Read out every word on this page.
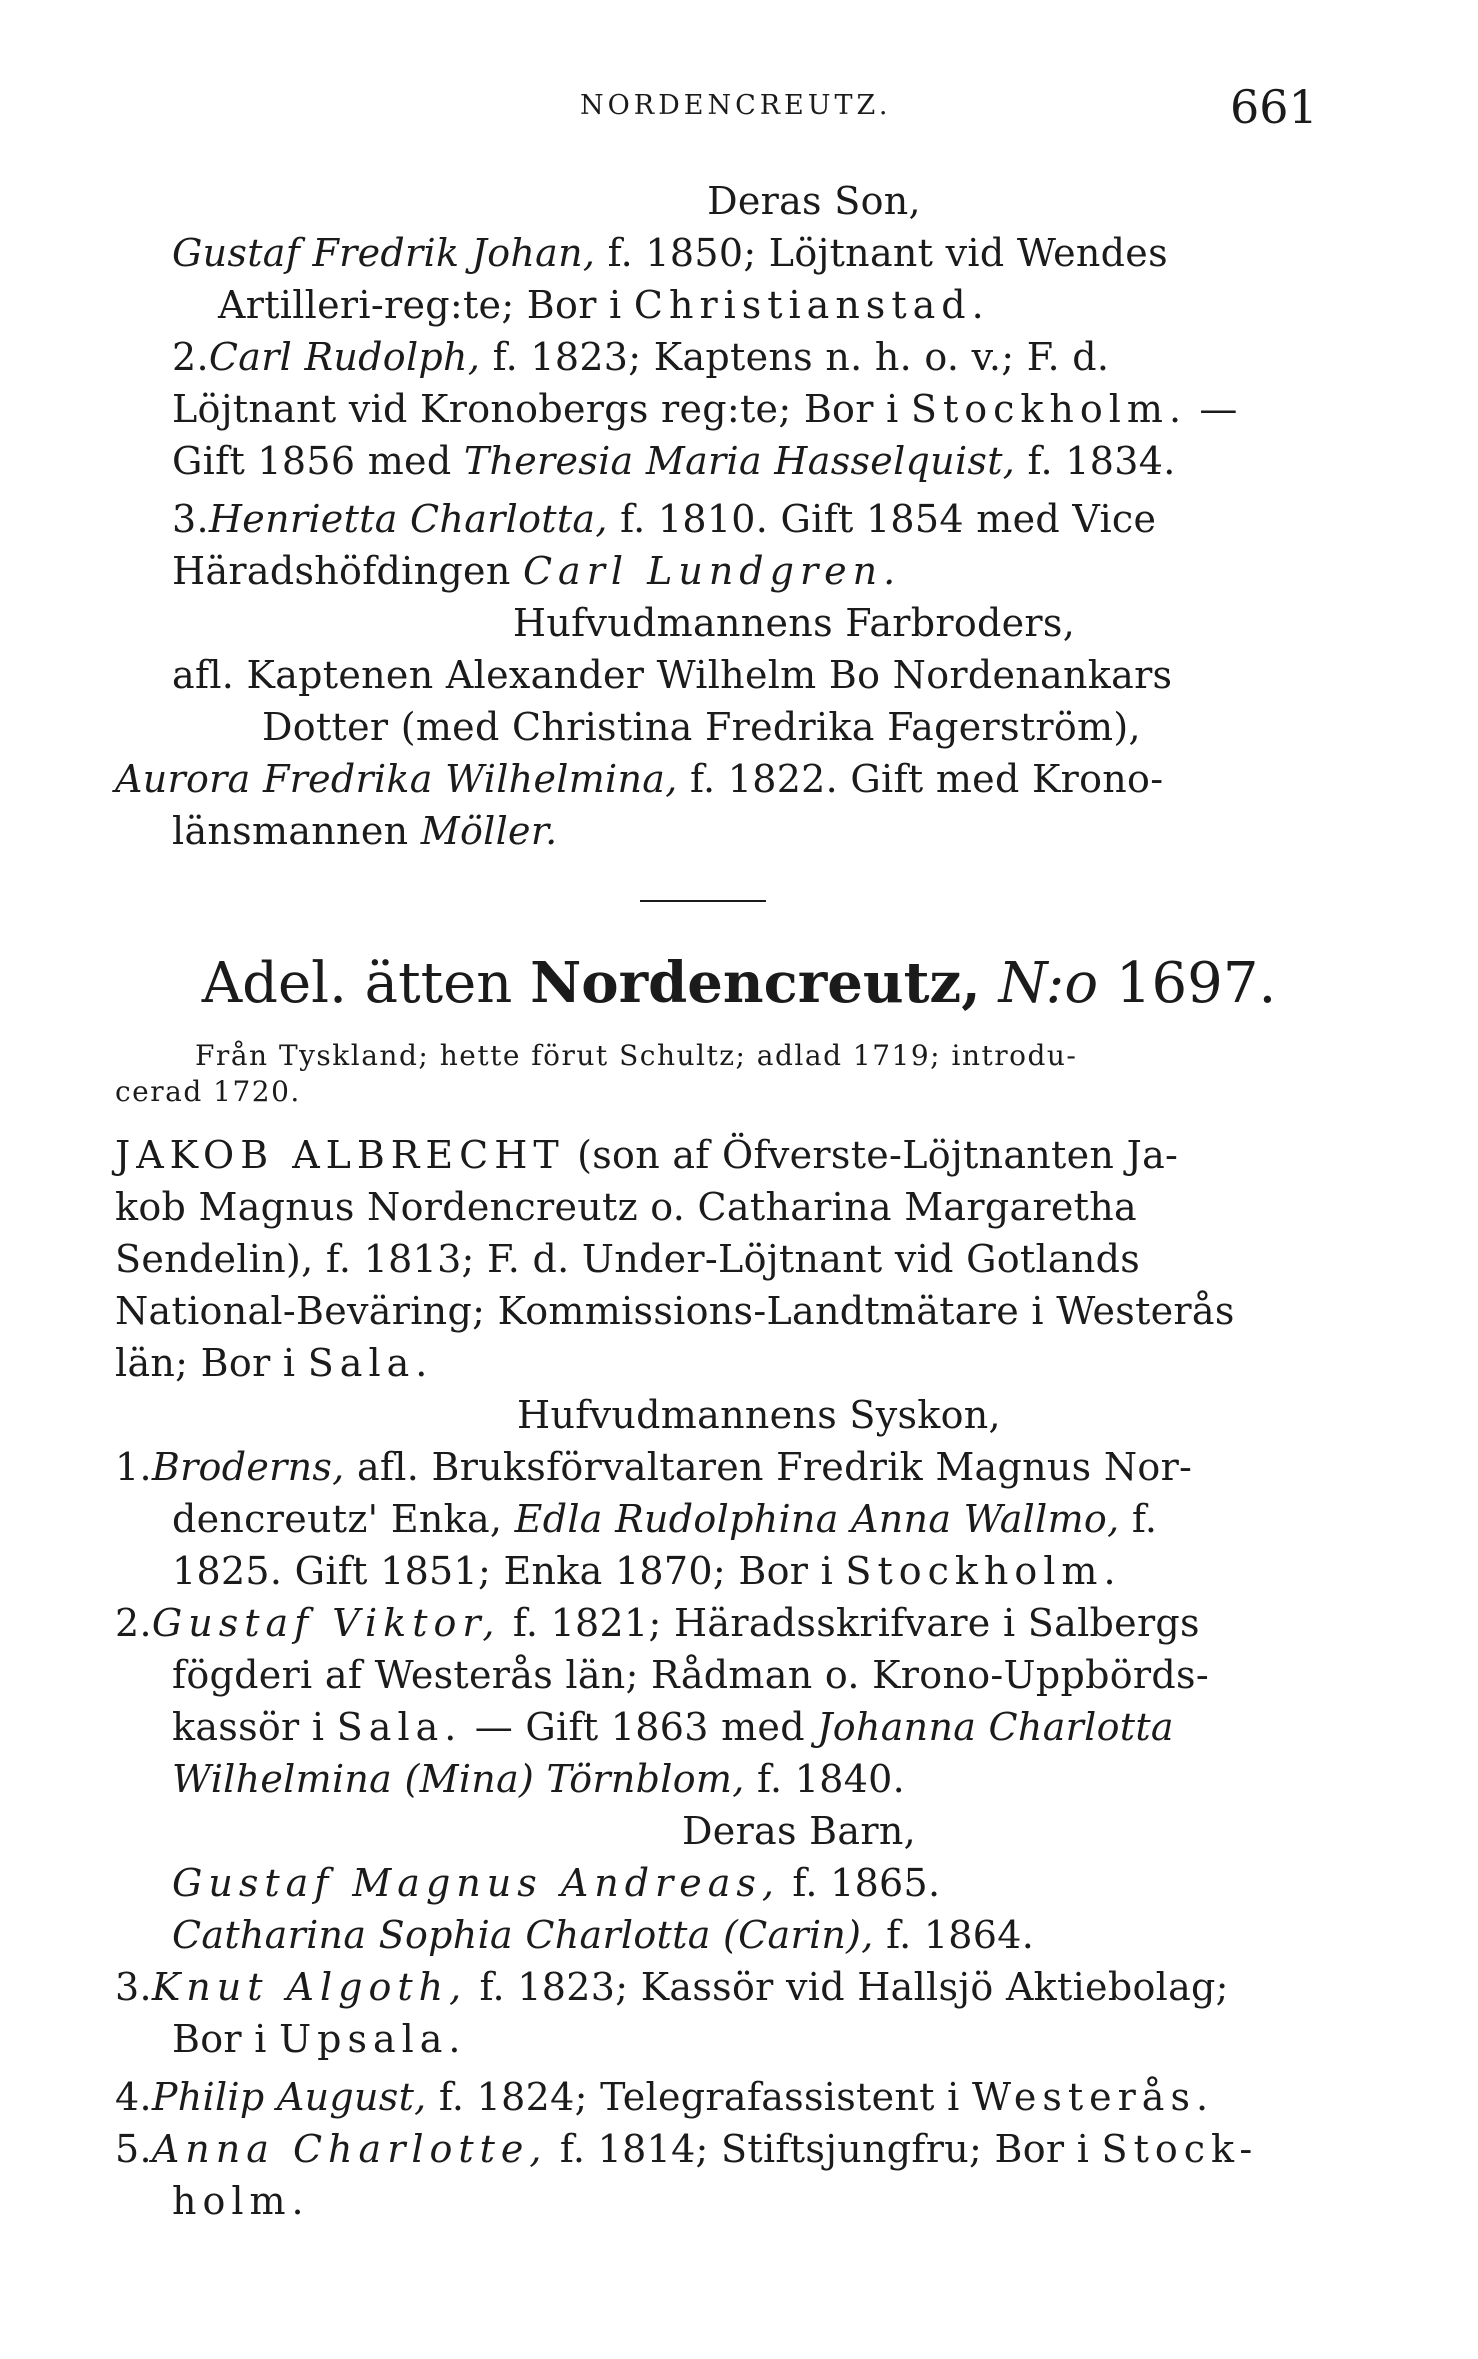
NORDENCREUTZ.	661
Deras Son,
Gustaf Fredrik Johan, f. 1850; Löjtnant vid Wendes
Artilleri-reg:te; Bor i Christianstad.
2.Carl Rudolph, f. 1823; Kaptens n. h. o. v.; F. d.
Löjtnant vid Kronobergs reg:te; Bor i Stockholm. —
Gift 1856 med Theresia Maria Hasselquist, f. 1834.
3.Henrietta Charlotta, f. 1810. Gift 1854 med Vice
Häradshöfdingen Carl Lundgren.
Hufvudmannens Farbroders,
afl. Kaptenen Alexander Wilhelm Bo Nordenankars
Dotter (med Christina Fredrika Fagerström),
Aurora Fredrika Wilhelmina, f. 1822. Gift med Krono-
länsmannen Möller.
Adel. ätten Nordencreutz, N:o 1697.
Från Tyskland; hette förut Schultz; adlad 1719; introdu-
cerad 1720.
JAKOB ALBRECHT (son af Öfverste-Löjtnanten Ja-
kob Magnus Nordencreutz o. Catharina Margaretha
Sendelin), f. 1813; F. d. Under-Löjtnant vid Gotlands
National-Beväring; Kommissions-Landtmätare i Westerås
län; Bor i Sala.
Hufvudmannens Syskon,
1.Broderns, afl. Bruksförvaltaren Fredrik Magnus Nor-
dencreutz' Enka, Edla Rudolphina Anna Wallmo, f.
1825. Gift 1851; Enka 1870; Bor i Stockholm.
2.Gustaf Viktor, f. 1821; Häradsskrifvare i Salbergs
fögderi af Westerås län; Rådman o. Krono-Uppbörds-
kassör i Sala. — Gift 1863 med Johanna Charlotta
Wilhelmina (Mina) Törnblom, f. 1840.
Deras Barn,
Gustaf Magnus Andreas, f. 1865.
Catharina Sophia Charlotta (Carin), f. 1864.
3.Knut Algoth, f. 1823; Kassör vid Hallsjö Aktiebolag;
Bor i Upsala.
4.Philip August, f. 1824; Telegrafassistent i Westerås.
5.Anna Charlotte, f. 1814; Stiftsjungfru; Bor i Stock-
holm.
